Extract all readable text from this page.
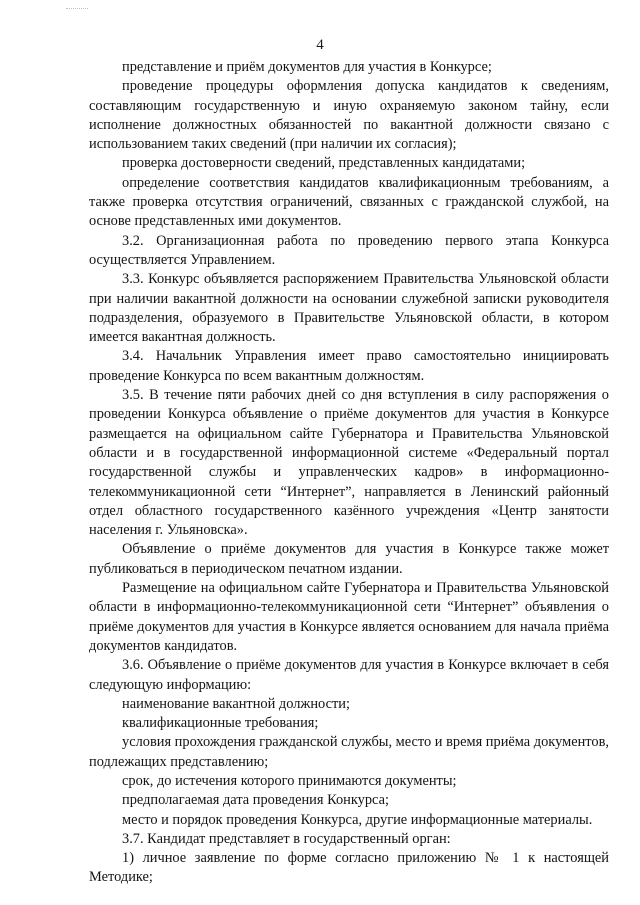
4

представление и приём документов для участия в Конкурсе;

проведение процедуры оформления допуска кандидатов к сведениям, составляющим государственную и иную охраняемую законом тайну, если исполнение должностных обязанностей по вакантной должности связано с использованием таких сведений (при наличии их согласия);

проверка достоверности сведений, представленных кандидатами;

определение соответствия кандидатов квалификационным требованиям, а также проверка отсутствия ограничений, связанных с гражданской службой, на основе представленных ими документов.

3.2. Организационная работа по проведению первого этапа Конкурса осуществляется Управлением.

3.3. Конкурс объявляется распоряжением Правительства Ульяновской области при наличии вакантной должности на основании служебной записки руководителя подразделения, образуемого в Правительстве Ульяновской области, в котором имеется вакантная должность.

3.4. Начальник Управления имеет право самостоятельно инициировать проведение Конкурса по всем вакантным должностям.

3.5. В течение пяти рабочих дней со дня вступления в силу распоряжения о проведении Конкурса объявление о приёме документов для участия в Конкурсе размещается на официальном сайте Губернатора и Правительства Ульяновской области и в государственной информационной системе «Федеральный портал государственной службы и управленческих кадров» в информационно-телекоммуникационной сети “Интернет”, направляется в Ленинский районный отдел областного государственного казённого учреждения «Центр занятости населения г. Ульяновска».

Объявление о приёме документов для участия в Конкурсе также может публиковаться в периодическом печатном издании.

Размещение на официальном сайте Губернатора и Правительства Ульяновской области в информационно-телекоммуникационной сети “Интернет” объявления о приёме документов для участия в Конкурсе является основанием для начала приёма документов кандидатов.

3.6. Объявление о приёме документов для участия в Конкурсе включает в себя следующую информацию:

наименование вакантной должности;

квалификационные требования;

условия прохождения гражданской службы, место и время приёма документов, подлежащих представлению;

срок, до истечения которого принимаются документы;

предполагаемая дата проведения Конкурса;

место и порядок проведения Конкурса, другие информационные материалы.

3.7. Кандидат представляет в государственный орган:

1) личное заявление по форме согласно приложению № 1 к настоящей Методике;
